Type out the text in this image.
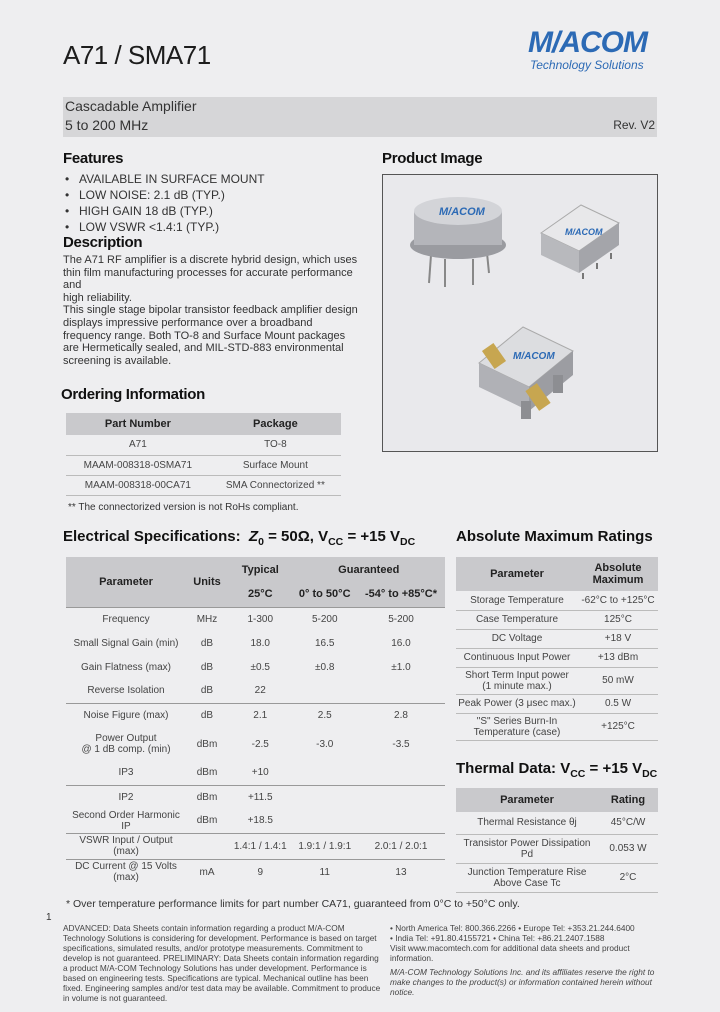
A71 / SMA71	M/ACOM
Technology Solutions
Cascadable Amplifier
5 to 200 MHz	Rev. V2
Features
• AVAILABLE IN SURFACE MOUNT
• LOW NOISE: 2.1 dB (TYP.)
• HIGH GAIN 18 dB (TYP.)
• LOW VSWR <1.4:1 (TYP.)
Description

The A71 RF amplifier is a discrete hybrid design, which uses thin film manufacturing processes for accurate performance and

high reliability.

This single stage bipolar transistor feedback amplifier design displays impressive performance over a broadband frequency range. Both TO-8 and Surface Mount packages are Hermetically sealed, and MIL-STD-883 environmental screening is available.

Product Image
M/ACOM
M/ACOM
M/ACOM
Ordering Information
Part Number	Package
A71	TO-8
MAAM-008318-0SMA71	Surface Mount
MAAM-008318-00CA71	SMA Connectorized **
** The connectorized version is not RoHs compliant.
Electrical Specifications: $Z_0 = 50\Omega$, $V_{CC} = +15$ $V_{DC}$
Parameter	Units	Typical	Guaranteed	
		25°C	0° to 50°C	-54° to +85°C*
Frequency	MHz	1-300	5-200	5-200
Small Signal Gain (min)	dB	18.0	16.5	16.0
Gain Flatness (max)	dB	±0.5	±0.8	±1.0
Reverse Isolation	dB	22		
Noise Figure (max)	dB	2.1	2.5	2.8
Power Output
@ 1 dB comp. (min)	dBm	-2.5	-3.0	-3.5
IP3	dBm	+10		
IP2	dBm	+11.5		
Second Order Harmonic IP	dBm	+18.5		
VSWR Input / Output (max)		1.4:1 / 1.4:1	1.9:1 / 1.9:1	2.0:1 / 2.0:1
DC Current @ 15 Volts (max)	mA	9	11	13
Absolute Maximum Ratings
Parameter	Absolute Maximum
Storage Temperature	-62°C to +125°C
Case Temperature	125°C
DC Voltage	+18 V
Continuous Input Power	+13 dBm
Short Term Input power
(1 minute max.)	50 mW
Peak Power (3 μsec max.)	0.5 W
"S" Series Burn-In
Temperature (case)	+125°C
Thermal Data: $V_{CC} = +15$ $V_{DC}$
Parameter	Rating
Thermal Resistance θj	45°C/W
Transistor Power Dissipation Pd	0.053 W
Junction Temperature Rise
Above Case Tc	2°C
* Over temperature performance limits for part number CA71, guaranteed from 0°C to +50°C only.
1
ADVANCED: Data Sheets contain information regarding a product M/A-COM Technology Solutions is considering for development. Performance is based on target specifications, simulated results, and/or prototype measurements. Commitment to develop is not guaranteed. PRELIMINARY: Data Sheets contain information regarding a product M/A-COM Technology Solutions has under development. Performance is based on engineering tests. Specifications are typical. Mechanical outline has been fixed. Engineering samples and/or test data may be available. Commitment to produce in volume is not guaranteed.
• North America Tel: 800.366.2266 • Europe Tel: +353.21.244.6400
• India Tel: +91.80.4155721 • China Tel: +86.21.2407.1588
Visit www.macomtech.com for additional data sheets and product information.
M/A-COM Technology Solutions Inc. and its affiliates reserve the right to make changes to the product(s) or information contained herein without notice.
